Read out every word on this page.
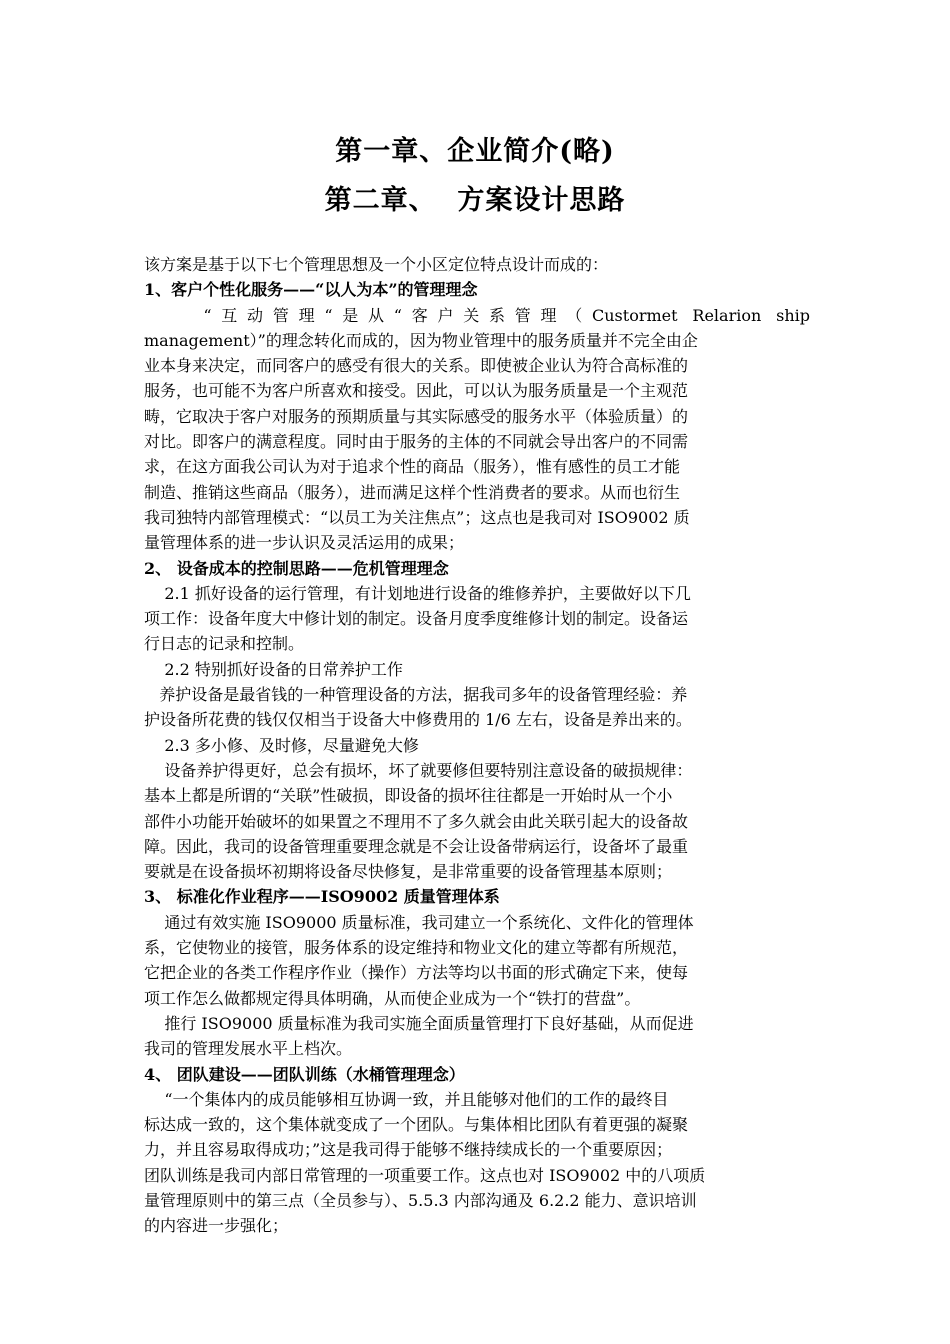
第一章、企业简介(略)
第二章、  方案设计思路
该方案是基于以下七个管理思想及一个小区定位特点设计而成的：
1、客户个性化服务——“以人为本”的管理理念
“互动管理“是从“客户关系管理（Custormet Relarion ship
management）”的理念转化而成的，因为物业管理中的服务质量并不完全由企
业本身来决定，而同客户的感受有很大的关系。即使被企业认为符合高标准的
服务，也可能不为客户所喜欢和接受。因此，可以认为服务质量是一个主观范
畴，它取决于客户对服务的预期质量与其实际感受的服务水平（体验质量）的
对比。即客户的满意程度。同时由于服务的主体的不同就会导出客户的不同需
求，在这方面我公司认为对于追求个性的商品（服务），惟有感性的员工才能
制造、推销这些商品（服务），进而满足这样个性消费者的要求。从而也衍生
我司独特内部管理模式：“以员工为关注焦点”；这点也是我司对 ISO9002 质
量管理体系的进一步认识及灵活运用的成果；
2、 设备成本的控制思路——危机管理理念
2.1 抓好设备的运行管理，有计划地进行设备的维修养护，主要做好以下几
项工作：设备年度大中修计划的制定。设备月度季度维修计划的制定。设备运
行日志的记录和控制。
2.2 特别抓好设备的日常养护工作
养护设备是最省钱的一种管理设备的方法，据我司多年的设备管理经验：养
护设备所花费的钱仅仅相当于设备大中修费用的 1/6 左右，设备是养出来的。
2.3 多小修、及时修，尽量避免大修
设备养护得更好，总会有损坏，坏了就要修但要特别注意设备的破损规律：
基本上都是所谓的“关联”性破损，即设备的损坏往往都是一开始时从一个小
部件小功能开始破坏的如果置之不理用不了多久就会由此关联引起大的设备故
障。因此，我司的设备管理重要理念就是不会让设备带病运行，设备坏了最重
要就是在设备损坏初期将设备尽快修复，是非常重要的设备管理基本原则；
3、 标准化作业程序——ISO9002 质量管理体系
通过有效实施 ISO9000 质量标准，我司建立一个系统化、文件化的管理体
系，它使物业的接管，服务体系的设定维持和物业文化的建立等都有所规范，
它把企业的各类工作程序作业（操作）方法等均以书面的形式确定下来，使每
项工作怎么做都规定得具体明确，从而使企业成为一个“铁打的营盘”。
推行 ISO9000 质量标准为我司实施全面质量管理打下良好基础，从而促进
我司的管理发展水平上档次。
4、 团队建设——团队训练（水桶管理理念）
“一个集体内的成员能够相互协调一致，并且能够对他们的工作的最终目
标达成一致的，这个集体就变成了一个团队。与集体相比团队有着更强的凝聚
力，并且容易取得成功；”这是我司得于能够不继持续成长的一个重要原因；
团队训练是我司内部日常管理的一项重要工作。这点也对 ISO9002 中的八项质
量管理原则中的第三点（全员参与）、5.5.3 内部沟通及 6.2.2 能力、意识培训
的内容进一步强化；
